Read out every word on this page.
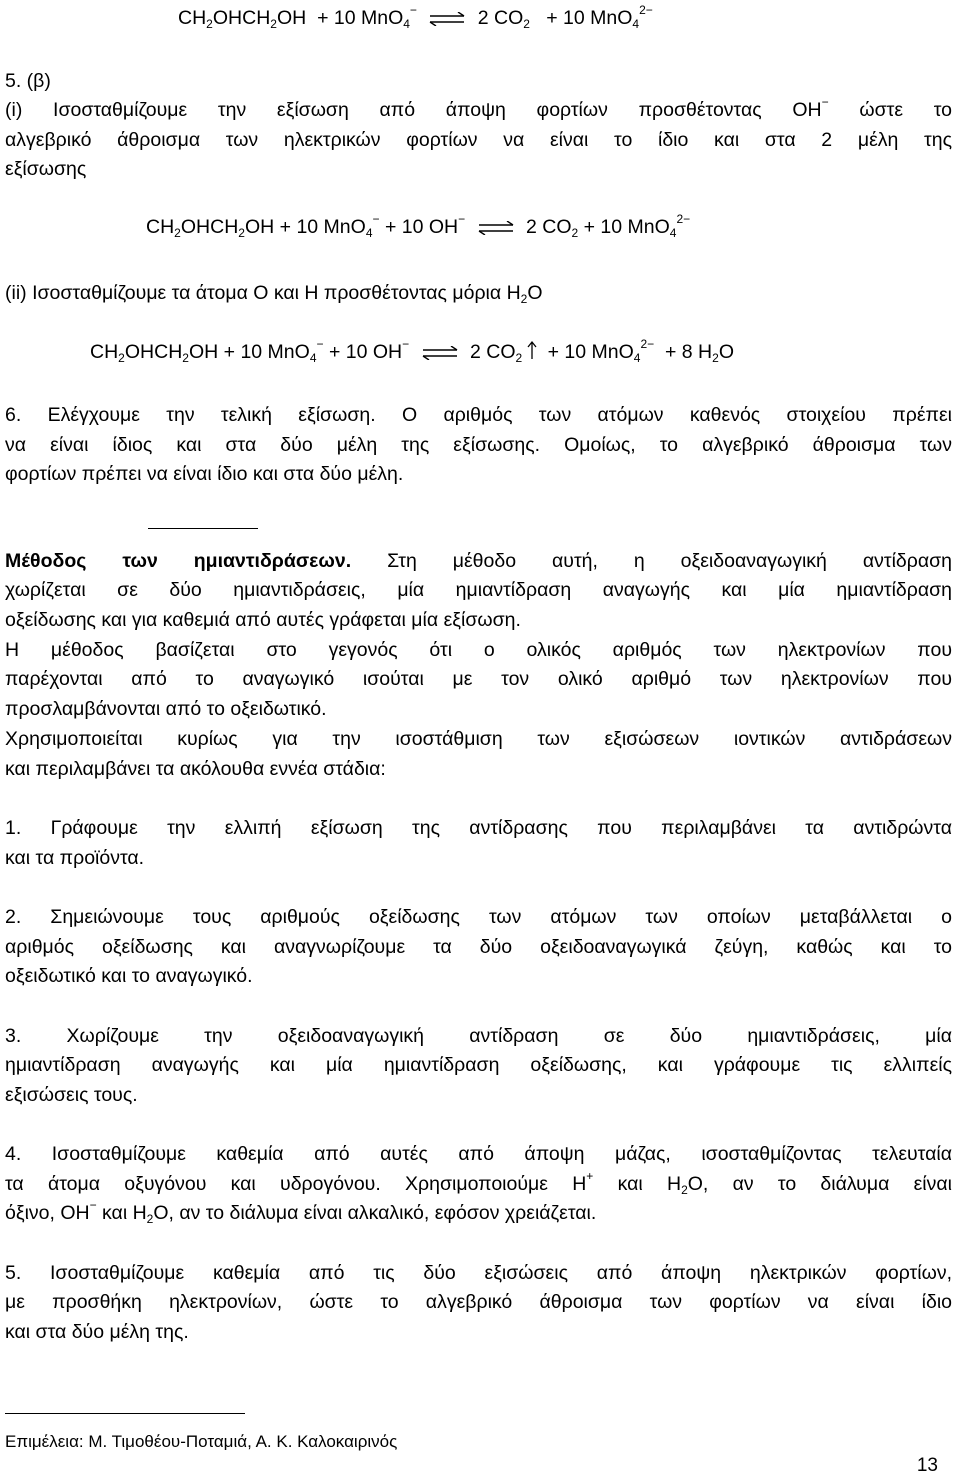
$CH_2OHCH_2OH + 10$ MnO$_4$− ⇌ 2 $CO_2 + 10$ MnO$_4^{2-}$
5. (β)
(i) Ισοσταθμίζουμε την εξίσωση από άποψη φορτίων προσθέτοντας ΟΗ− ώστε το
αλγεβρικό άθροισμα των ηλεκτρικών φορτίων να είναι το ίδιο και στα 2 μέλη της
εξίσωσης
$CH_2OHCH_2OH + 10$ MnO$_4$− + 10 OH− ⇌ 2 $CO_2 + 10$ MnO$_4^{2-}$
(ii) Ισοσταθμίζουμε τα άτομα Ο και Η προσθέτοντας μόρια $H_2O$
$CH_2OHCH_2OH + 10$ MnO$_4$− + 10 OH− ⇌ 2 $CO_2 + 10$ MnO$_4^{2-}$ + 8 $H_2O$
6. Ελέγχουμε την τελική εξίσωση. Ο αριθμός των ατόμων καθενός στοιχείου πρέπει
να είναι ίδιος και στα δύο μέλη της εξίσωσης. Ομοίως, το αλγεβρικό άθροισμα των
φορτίων πρέπει να είναι ίδιο και στα δύο μέλη.
Μέθοδος των ημιαντιδράσεων. Στη μέθοδο αυτή, η οξειδοαναγωγική αντίδραση
χωρίζεται σε δύο ημιαντιδράσεις, μία ημιαντίδραση αναγωγής και μία ημιαντίδραση
οξείδωσης και για καθεμιά από αυτές γράφεται μία εξίσωση.
Η μέθοδος βασίζεται στο γεγονός ότι ο ολικός αριθμός των ηλεκτρονίων που
παρέχονται από το αναγωγικό ισούται με τον ολικό αριθμό των ηλεκτρονίων που
προσλαμβάνονται από το οξειδωτικό.
Χρησιμοποιείται κυρίως για την ισοστάθμιση των εξισώσεων ιοντικών αντιδράσεων
και περιλαμβάνει τα ακόλουθα εννέα στάδια:
1. Γράφουμε την ελλιπή εξίσωση της αντίδρασης που περιλαμβάνει τα αντιδρώντα
και τα προϊόντα.
2. Σημειώνουμε τους αριθμούς οξείδωσης των ατόμων των οποίων μεταβάλλεται ο
αριθμός οξείδωσης και αναγνωρίζουμε τα δύο οξειδοαναγωγικά ζεύγη, καθώς και το
οξειδωτικό και το αναγωγικό.
3. Χωρίζουμε την οξειδοαναγωγική αντίδραση σε δύο ημιαντιδράσεις, μία
ημιαντίδραση αναγωγής και μία ημιαντίδραση οξείδωσης, και γράφουμε τις ελλιπείς
εξισώσεις τους.
4. Ισοσταθμίζουμε καθεμία από αυτές από άποψη μάζας, ισοσταθμίζοντας τελευταία
τα άτομα οξυγόνου και υδρογόνου. Χρησιμοποιούμε Η+ και $H_2O$, αν το διάλυμα είναι
όξινο, ΟΗ− και $H_2O$, αν το διάλυμα είναι αλκαλικό, εφόσον χρειάζεται.
5. Ισοσταθμίζουμε καθεμία από τις δύο εξισώσεις από άποψη ηλεκτρικών φορτίων,
με προσθήκη ηλεκτρονίων, ώστε το αλγεβρικό άθροισμα των φορτίων να είναι ίδιο
και στα δύο μέλη της.
Επιμέλεια: Μ. Τιμοθέου-Ποταμιά, Α. Κ. Καλοκαιρινός
13
